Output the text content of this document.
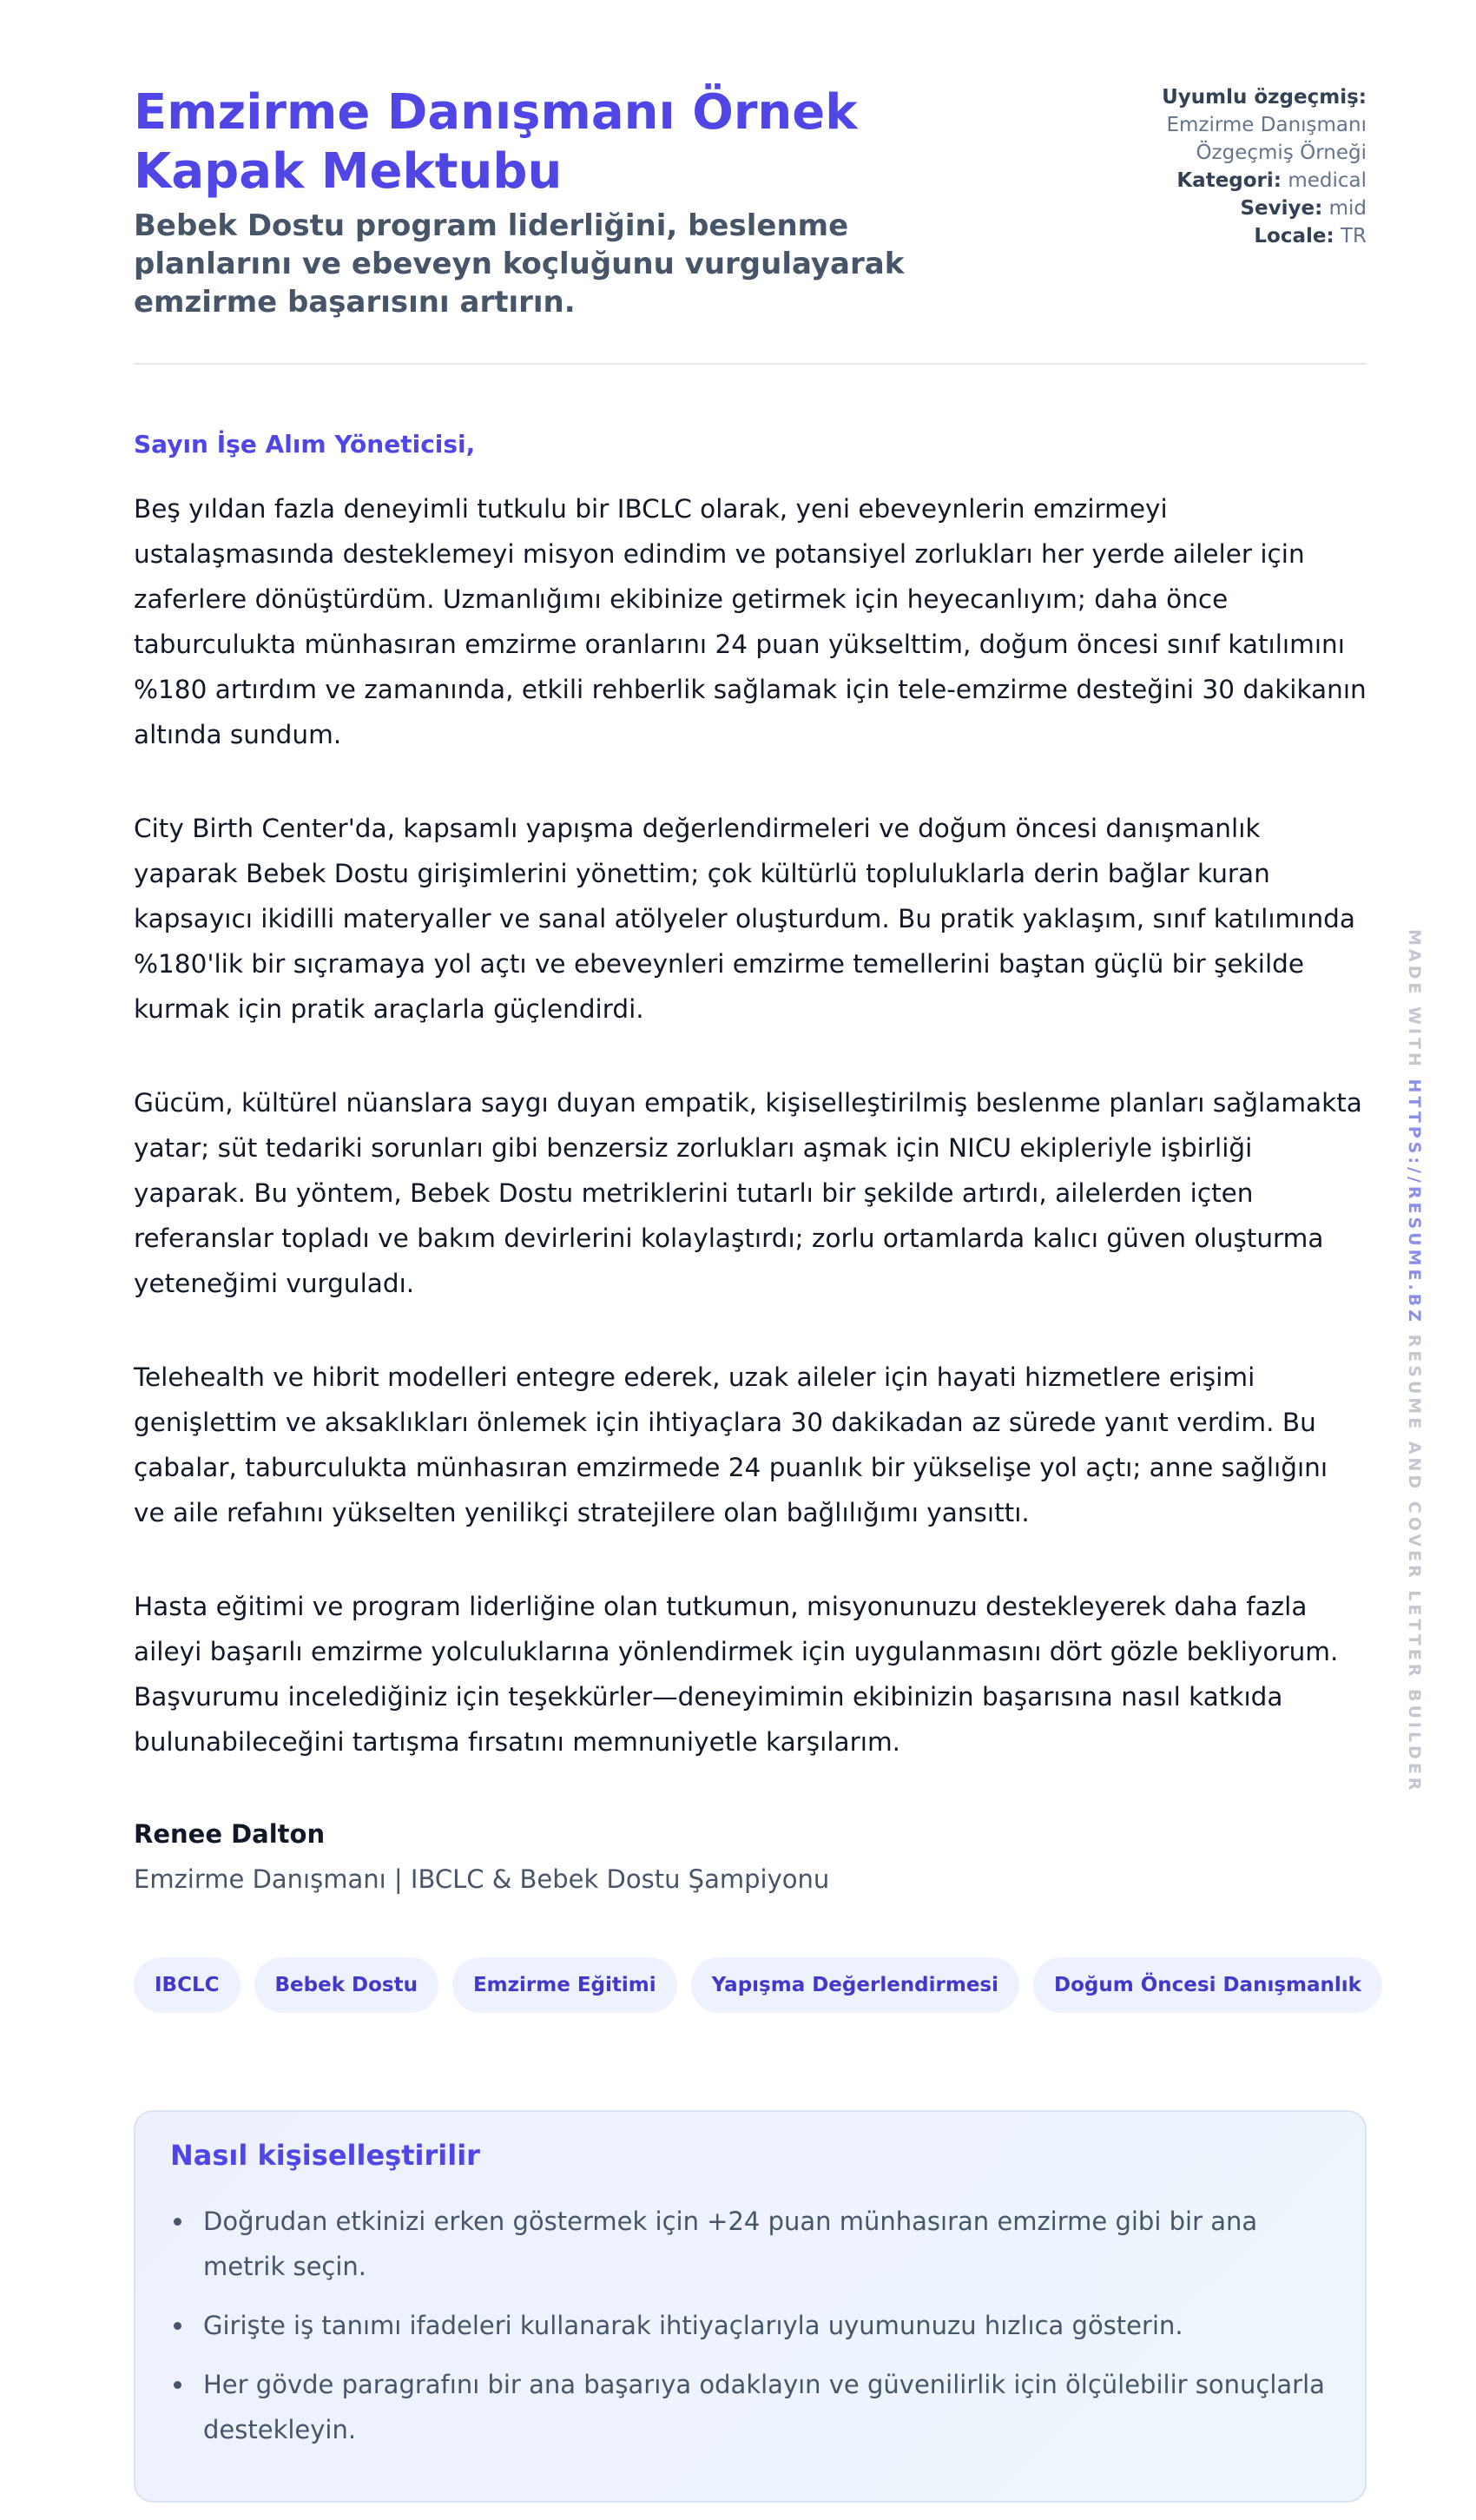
Emzirme Danışmanı Örnek Kapak Mektubu

Bebek Dostu program liderliğini, beslenme planlarını ve ebeveyn koçluğunu vurgulayarak emzirme başarısını artırın.

Uyumlu özgeçmiş: Emzirme Danışmanı Özgeçmiş Örneği
Kategori: medical
Seviye: mid
Locale: TR
Sayın İşe Alım Yöneticisi,

Beş yıldan fazla deneyimli tutkulu bir IBCLC olarak, yeni ebeveynlerin emzirmeyi ustalaşmasında desteklemeyi misyon edindim ve potansiyel zorlukları her yerde aileler için zaferlere dönüştürdüm. Uzmanlığımı ekibinize getirmek için heyecanlıyım; daha önce taburculukta münhasıran emzirme oranlarını 24 puan yükselttim, doğum öncesi sınıf katılımını %180 artırdım ve zamanında, etkili rehberlik sağlamak için tele-emzirme desteğini 30 dakikanın altında sundum.

City Birth Center'da, kapsamlı yapışma değerlendirmeleri ve doğum öncesi danışmanlık yaparak Bebek Dostu girişimlerini yönettim; çok kültürlü topluluklarla derin bağlar kuran kapsayıcı ikidilli materyaller ve sanal atölyeler oluşturdum. Bu pratik yaklaşım, sınıf katılımında %180'lik bir sıçramaya yol açtı ve ebeveynleri emzirme temellerini baştan güçlü bir şekilde kurmak için pratik araçlarla güçlendirdi.

Gücüm, kültürel nüanslara saygı duyan empatik, kişiselleştirilmiş beslenme planları sağlamakta yatar; süt tedariki sorunları gibi benzersiz zorlukları aşmak için NICU ekipleriyle işbirliği yaparak. Bu yöntem, Bebek Dostu metriklerini tutarlı bir şekilde artırdı, ailelerden içten referanslar topladı ve bakım devirlerini kolaylaştırdı; zorlu ortamlarda kalıcı güven oluşturma yeteneğimi vurguladı.

Telehealth ve hibrit modelleri entegre ederek, uzak aileler için hayati hizmetlere erişimi genişlettim ve aksaklıkları önlemek için ihtiyaçlara 30 dakikadan az sürede yanıt verdim. Bu çabalar, taburculukta münhasıran emzirmede 24 puanlık bir yükselişe yol açtı; anne sağlığını ve aile refahını yükselten yenilikçi stratejilere olan bağlılığımı yansıttı.

Hasta eğitimi ve program liderliğine olan tutkumun, misyonunuzu destekleyerek daha fazla aileyi başarılı emzirme yolculuklarına yönlendirmek için uygulanmasını dört gözle bekliyorum. Başvurumu incelediğiniz için teşekkürler—deneyimimin ekibinizin başarısına nasıl katkıda bulunabileceğini tartışma fırsatını memnuniyetle karşılarım.

Renee Dalton
Emzirme Danışmanı | IBCLC & Bebek Dostu Şampiyonu
IBCLC	Bebek Dostu	Emzirme Eğitimi	Yapışma Değerlendirmesi	Doğum Öncesi Danışmanlık
Nasıl kişiselleştirilir
Doğrudan etkinizi erken göstermek için +24 puan münhasıran emzirme gibi bir ana metrik seçin.
Girişte iş tanımı ifadeleri kullanarak ihtiyaçlarıyla uyumunuzu hızlıca gösterin.
Her gövde paragrafını bir ana başarıya odaklayın ve güvenilirlik için ölçülebilir sonuçlarla destekleyin.
MADE WITH HTTPS://RESUME.BZ RESUME AND COVER LETTER BUILDER
